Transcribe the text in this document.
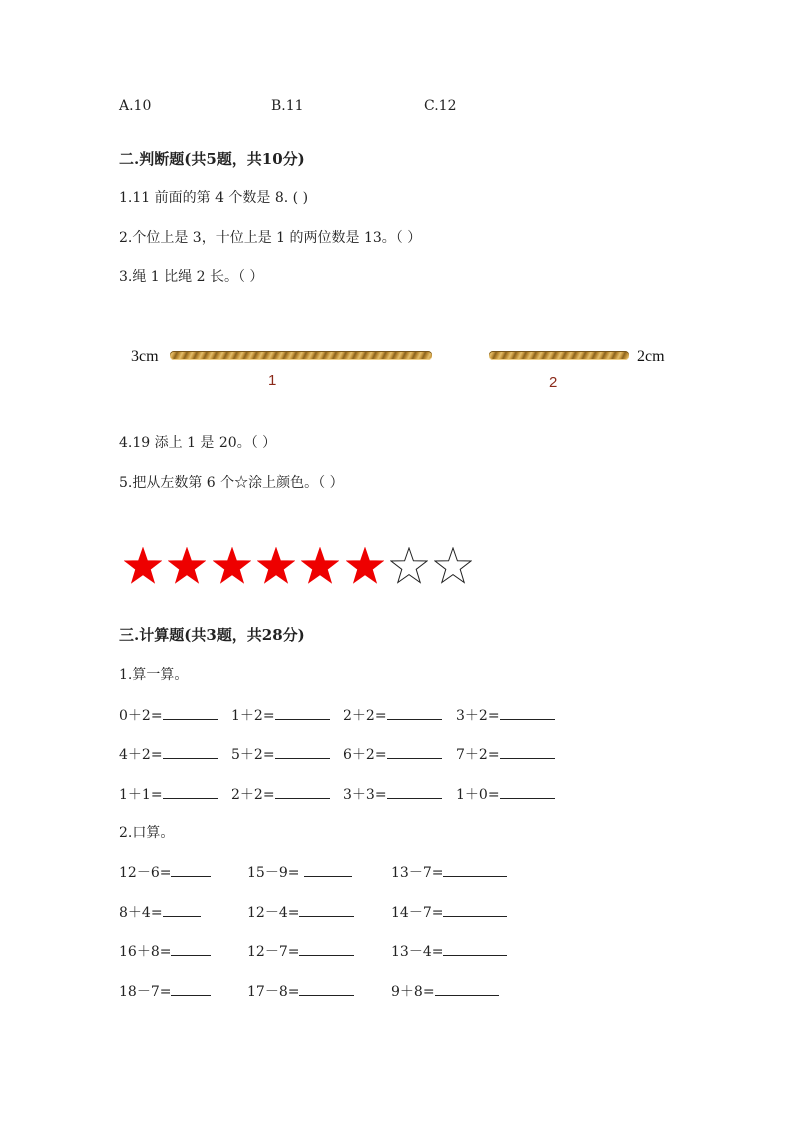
A.10	B.11	C.12
二.判断题(共5题，共10分)
1.11 前面的第 4 个数是 8. ( )
2.个位上是 3，十位上是 1 的两位数是 13。（ ）
3.绳 1 比绳 2 长。（ ）
3cm
1
2cm
2
4.19 添上 1 是 20。（ ）
5.把从左数第 6 个☆涂上颜色。（ ）
三.计算题(共3题，共28分)
1.算一算。
0＋2=	1＋2=	2＋2=	3＋2=
4＋2=	5＋2=	6＋2=	7＋2=
1＋1=	2＋2=	3＋3=	1＋0=
2.口算。
12－6=	15－9=	13－7=
8＋4=	12－4=	14－7=
16＋8=	12－7=	13－4=
18－7=	17－8=	9＋8=
